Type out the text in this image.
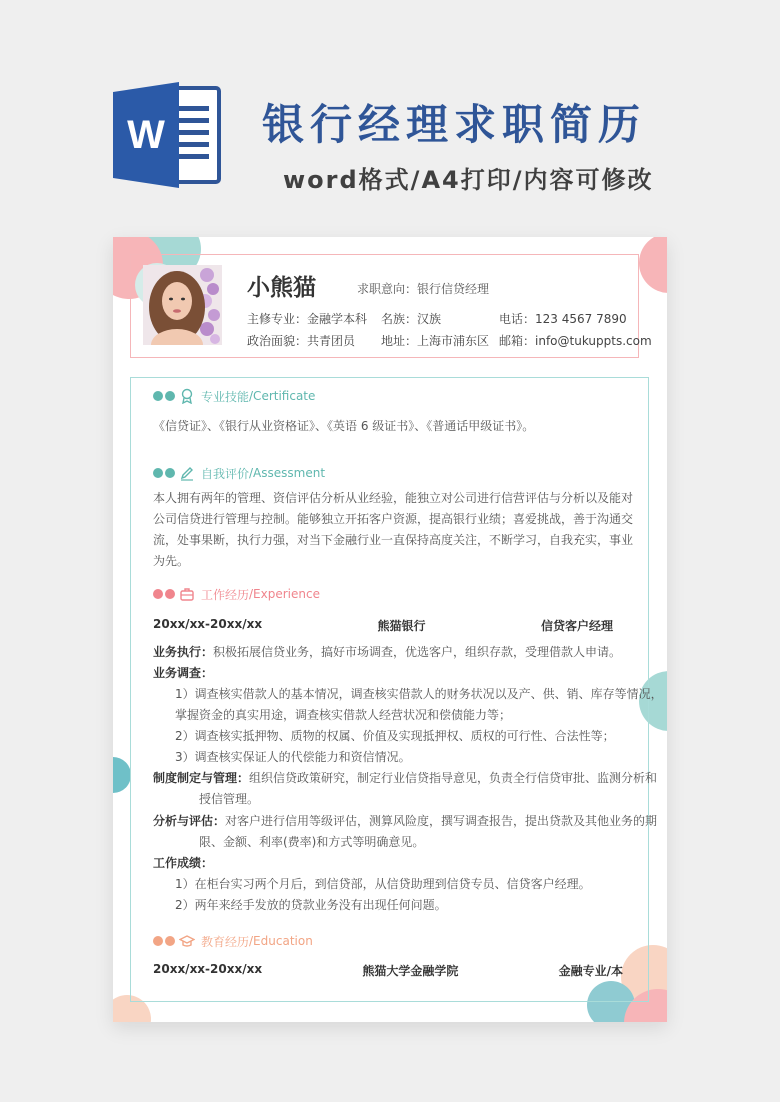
W 银行经理求职简历
word格式/A4打印/内容可修改
小熊猫	求职意向：银行信贷经理
主修专业：金融学本科 名族：汉族	电话：123 4567 7890
政治面貌：共青团员 地址：上海市浦东区 邮箱：info@tukuppts.com
专业技能 /Certificate
《信贷证》、《银行从业资格证》、《英语 6 级证书》、《普通话甲级证书》。
自我评价 /Assessment
本人拥有两年的管理、资信评估分析从业经验，能独立对公司进行信营评估与分析以及能对公司信贷进行管理与控制。能够独立开拓客户资源，提高银行业绩；喜爱挑战，善于沟通交流，处事果断，执行力强，对当下金融行业一直保持高度关注，不断学习，自我充实，事业为先。
工作经历 /Experience
20xx/xx-20xx/xx	熊猫银行	信贷客户经理
业务执行：积极拓展信贷业务，搞好市场调查，优选客户，组织存款，受理借款人申请。
业务调查：
1）调查核实借款人的基本情况，调查核实借款人的财务状况以及产、供、销、库存等情况，
掌握资金的真实用途，调查核实借款人经营状况和偿债能力等；
2）调查核实抵押物、质物的权属、价值及实现抵押权、质权的可行性、合法性等；
3）调查核实保证人的代偿能力和资信情况。
制度制定与管理：组织信贷政策研究，制定行业信贷指导意见，负责全行信贷审批、监测分析和
授信管理。
分析与评估：对客户进行信用等级评估，测算风险度，撰写调查报告，提出贷款及其他业务的期
限、金额、利率(费率)和方式等明确意见。
工作成绩：
1）在柜台实习两个月后，到信贷部，从信贷助理到信贷专员、信贷客户经理。
2）两年来经手发放的贷款业务没有出现任何问题。
教育经历 /Education
20xx/xx-20xx/xx	熊猫大学金融学院	金融专业/本
